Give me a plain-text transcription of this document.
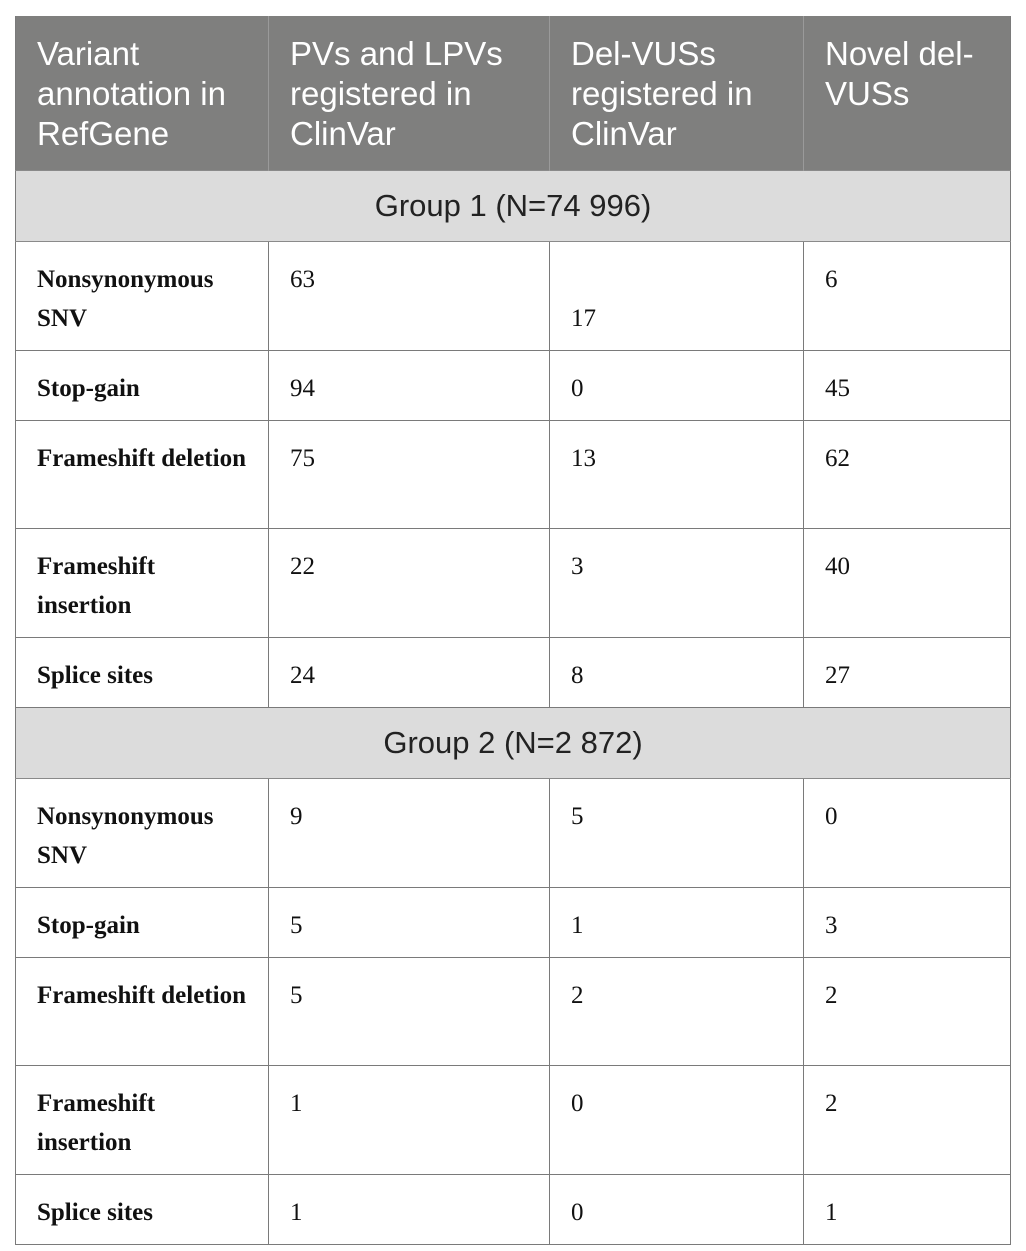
Variant annotation in RefGene	PVs and LPVs registered in ClinVar	Del-VUSs registered in ClinVar	Novel del-VUSs
Group 1 (N=74 996)			
Nonsynonymous SNV	63	17	6
Stop-gain	94	0	45
Frameshift deletion	75	13	62
Frameshift insertion	22	3	40
Splice sites	24	8	27
Group 2 (N=2 872)			
Nonsynonymous SNV	9	5	0
Stop-gain	5	1	3
Frameshift deletion	5	2	2
Frameshift insertion	1	0	2
Splice sites	1	0	1
